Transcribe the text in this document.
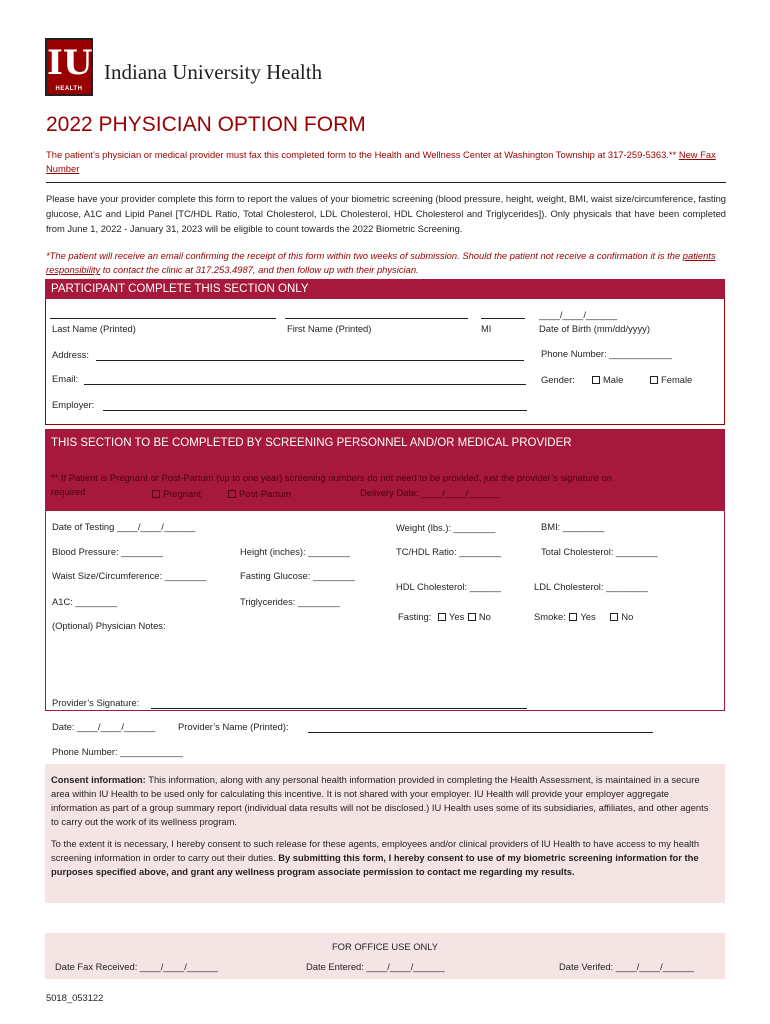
IU
HEALTH
Indiana University Health
2022 PHYSICIAN OPTION FORM
The patient’s physician or medical provider must fax this completed form to the Health and Wellness Center at Washington Township at 317-259-5363.** New Fax Number
Please have your provider complete this form to report the values of your biometric screening (blood pressure, height, weight, BMI, waist size/circumference, fasting glucose, A1C and Lipid Panel [TC/HDL Ratio, Total Cholesterol, LDL Cholesterol, HDL Cholesterol and Triglycerides]). Only physicals that have been completed from June 1, 2022 - January 31, 2023 will be eligible to count towards the 2022 Biometric Screening.
*The patient will receive an email confirming the receipt of this form within two weeks of submission. Should the patient not receive a confirmation it is the patients responsibility to contact the clinic at 317.253.4987, and then follow up with their physician.
PARTICIPANT COMPLETE THIS SECTION ONLY
____/____/______
Last Name (Printed)	First Name (Printed)	MI	Date of Birth (mm/dd/yyyy)
Address:	Phone Number: ____________
Email:	Gender:	Male	Female
Employer:
THIS SECTION TO BE COMPLETED BY SCREENING PERSONNEL AND/OR MEDICAL PROVIDER
** If Patient is Pregnant or Post-Partum (up to one year) screening numbers do not need to be provided, just the provider’s signature on
required	Pregnant	Post-Partum	Delivery Date: ____/____/______
Date of Testing ____/____/______	Weight (lbs.): ________	BMI: ________
Blood Pressure: ________	Height (inches): ________	TC/HDL Ratio: ________	Total Cholesterol: ________
Waist Size/Circumference: ________	Fasting Glucose: ________
HDL Cholesterol: ______	LDL Cholesterol: ________
A1C: ________	Triglycerides: ________
Fasting: Yes No	Smoke: Yes	No
(Optional) Physician Notes:
Provider’s Signature:
Date: ____/____/______ Provider’s Name (Printed):
Phone Number: ____________

Consent information: This information, along with any personal health information provided in completing the Health Assessment, is maintained in a secure area within IU Health to be used only for calculating this incentive. It is not shared with your employer. IU Health will provide your employer aggregate information as part of a group summary report (individual data results will not be disclosed.) IU Health uses some of its subsidiaries, affiliates, and other agents to carry out the work of its wellness program.

To the extent it is necessary, I hereby consent to such release for these agents, employees and/or clinical providers of IU Health to have access to my health screening information in order to carry out their duties. By submitting this form, I hereby consent to use of my biometric screening information for the purposes specified above, and grant any wellness program associate permission to contact me regarding my results.

FOR OFFICE USE ONLY
Date Fax Received: ____/____/______	Date Entered: ____/____/______	Date Verifed: ____/____/______
5018_053122
